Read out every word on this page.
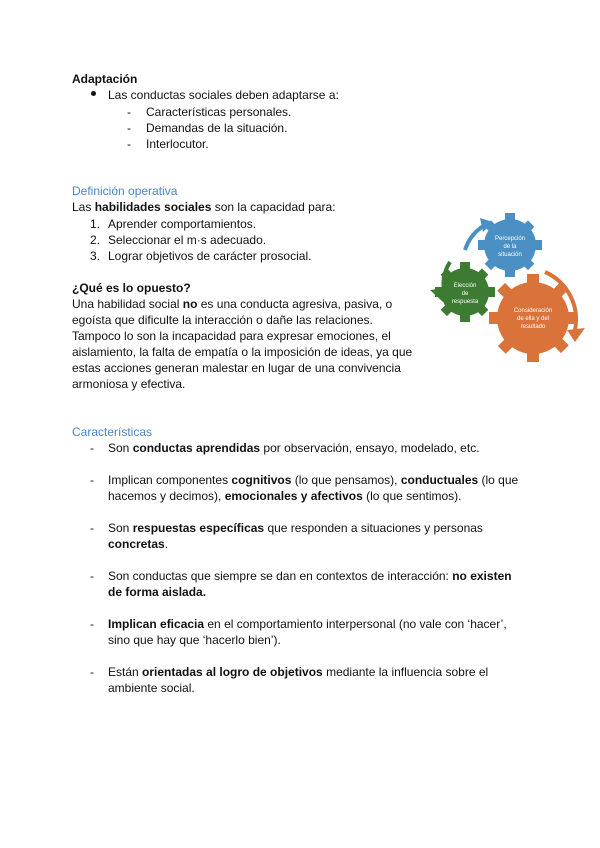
Adaptación
Las conductas sociales deben adaptarse a:
- Características personales.
- Demandas de la situación.
- Interlocutor.
Definición operativa
Las habilidades sociales son la capacidad para:
1. Aprender comportamientos.
2. Seleccionar el m·s adecuado.
3. Lograr objetivos de carácter prosocial.
¿Qué es lo opuesto?
Una habilidad social no es una conducta agresiva, pasiva, o
egoísta que dificulte la interacción o dañe las relaciones.
Tampoco lo son la incapacidad para expresar emociones, el
aislamiento, la falta de empatía o la imposición de ideas, ya que
estas acciones generan malestar en lugar de una convivencia
armoniosa y efectiva.
Percepción
de la
situación
Elección
de
respuesta
Consideración
de ella y del
resultado
Características
- Son conductas aprendidas por observación, ensayo, modelado, etc.
- Implican componentes cognitivos (lo que pensamos), conductuales (lo que
hacemos y decimos), emocionales y afectivos (lo que sentimos).
- Son respuestas específicas que responden a situaciones y personas
concretas.
- Son conductas que siempre se dan en contextos de interacción: no existen
de forma aislada.
- Implican eficacia en el comportamiento interpersonal (no vale con ‘hacer’,
sino que hay que ‘hacerlo bien’).
- Están orientadas al logro de objetivos mediante la influencia sobre el
ambiente social.
